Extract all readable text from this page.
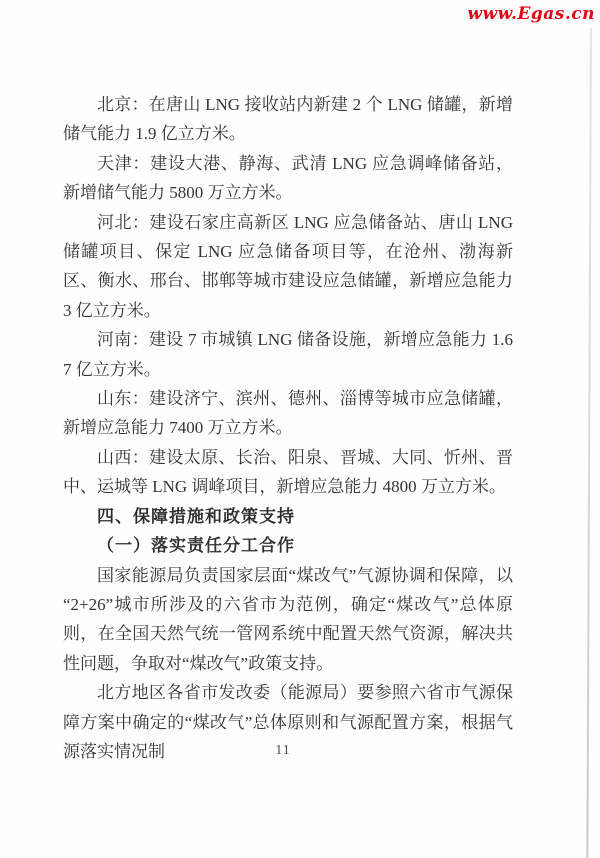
www.Egas.cn

北京：在唐山 LNG 接收站内新建 2 个 LNG 储罐，新增储气能力 1.9 亿立方米。

天津：建设大港、静海、武清 LNG 应急调峰储备站，新增储气能力 5800 万立方米。

河北：建设石家庄高新区 LNG 应急储备站、唐山 LNG 储罐项目、保定 LNG 应急储备项目等，在沧州、渤海新区、衡水、邢台、邯郸等城市建设应急储罐，新增应急能力 3 亿立方米。

河南：建设 7 市城镇 LNG 储备设施，新增应急能力 1.67 亿立方米。

山东：建设济宁、滨州、德州、淄博等城市应急储罐，新增应急能力 7400 万立方米。

山西：建设太原、长治、阳泉、晋城、大同、忻州、晋中、运城等 LNG 调峰项目，新增应急能力 4800 万立方米。

四、保障措施和政策支持

（一）落实责任分工合作

国家能源局负责国家层面“煤改气”气源协调和保障，以“2+26”城市所涉及的六省市为范例，确定“煤改气”总体原则，在全国天然气统一管网系统中配置天然气资源，解决共性问题，争取对“煤改气”政策支持。

北方地区各省市发改委（能源局）要参照六省市气源保障方案中确定的“煤改气”总体原则和气源配置方案，根据气源落实情况制	11
